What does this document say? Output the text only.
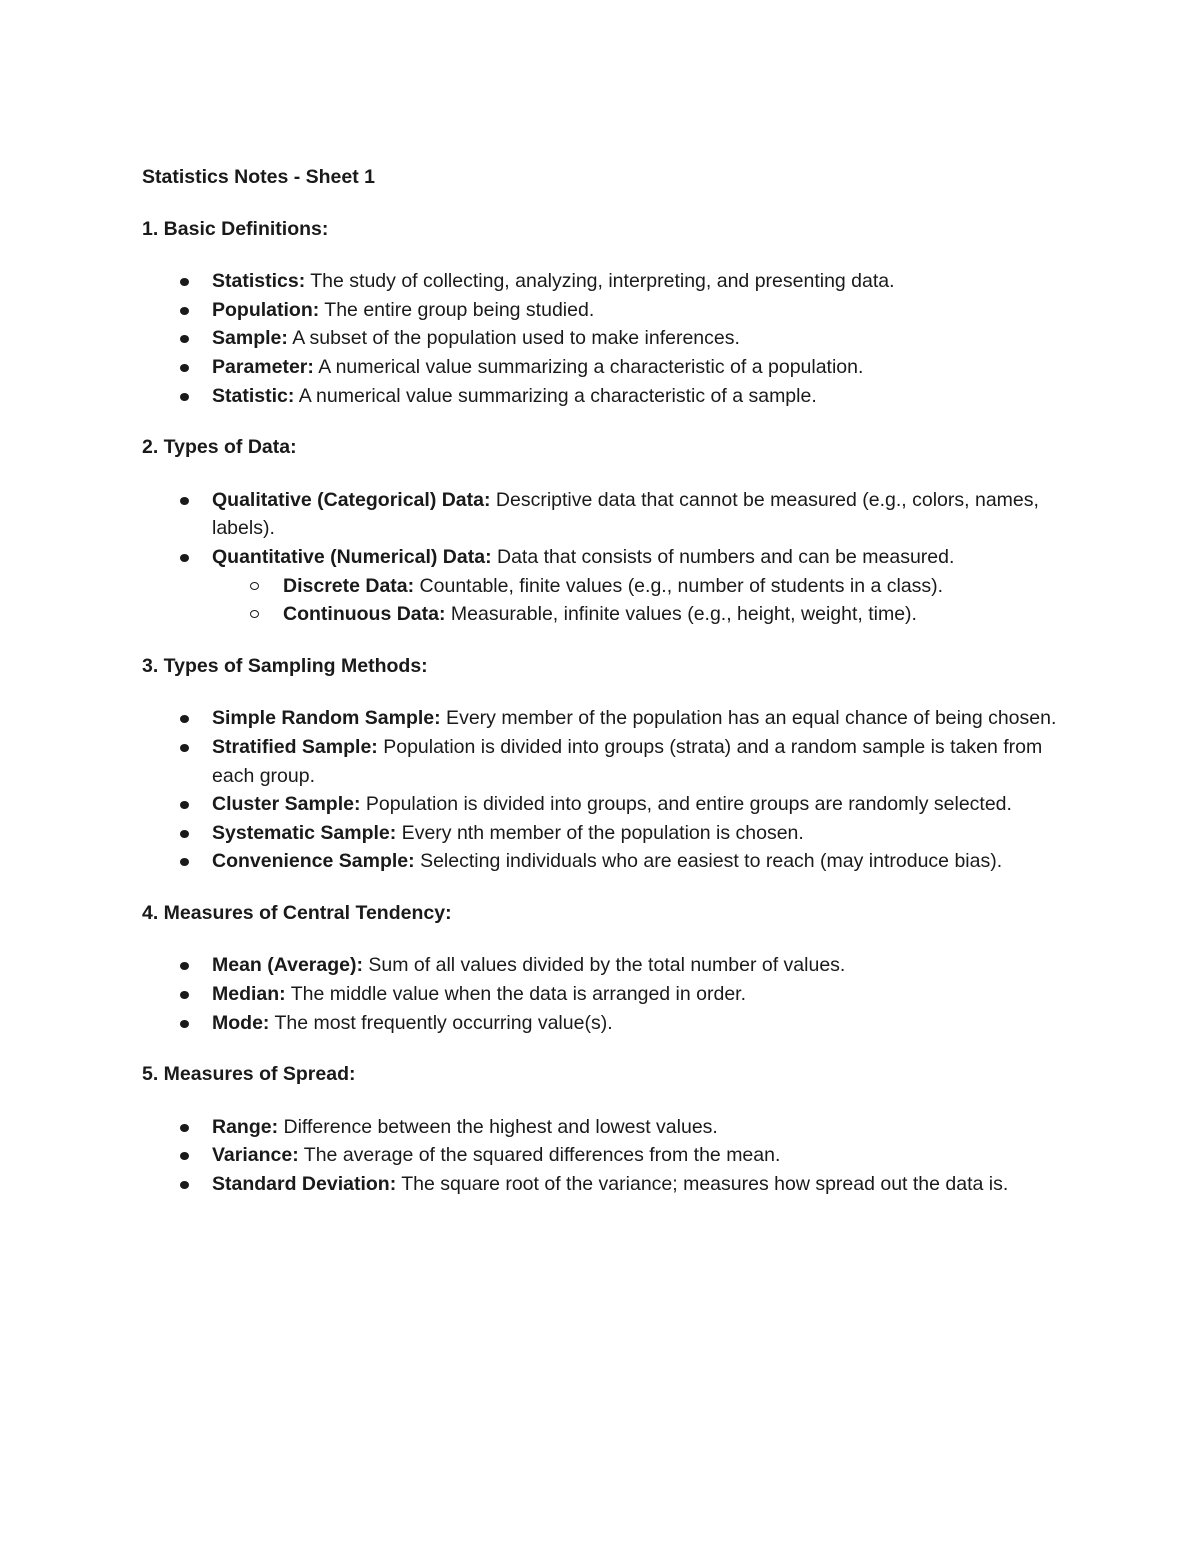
Statistics Notes - Sheet 1
1. Basic Definitions:
Statistics: The study of collecting, analyzing, interpreting, and presenting data.
Population: The entire group being studied.
Sample: A subset of the population used to make inferences.
Parameter: A numerical value summarizing a characteristic of a population.
Statistic: A numerical value summarizing a characteristic of a sample.
2. Types of Data:
Qualitative (Categorical) Data: Descriptive data that cannot be measured (e.g., colors, names, labels).
Quantitative (Numerical) Data: Data that consists of numbers and can be measured.
Discrete Data: Countable, finite values (e.g., number of students in a class).
Continuous Data: Measurable, infinite values (e.g., height, weight, time).
3. Types of Sampling Methods:
Simple Random Sample: Every member of the population has an equal chance of being chosen.
Stratified Sample: Population is divided into groups (strata) and a random sample is taken from each group.
Cluster Sample: Population is divided into groups, and entire groups are randomly selected.
Systematic Sample: Every nth member of the population is chosen.
Convenience Sample: Selecting individuals who are easiest to reach (may introduce bias).
4. Measures of Central Tendency:
Mean (Average): Sum of all values divided by the total number of values.
Median: The middle value when the data is arranged in order.
Mode: The most frequently occurring value(s).
5. Measures of Spread:
Range: Difference between the highest and lowest values.
Variance: The average of the squared differences from the mean.
Standard Deviation: The square root of the variance; measures how spread out the data is.
